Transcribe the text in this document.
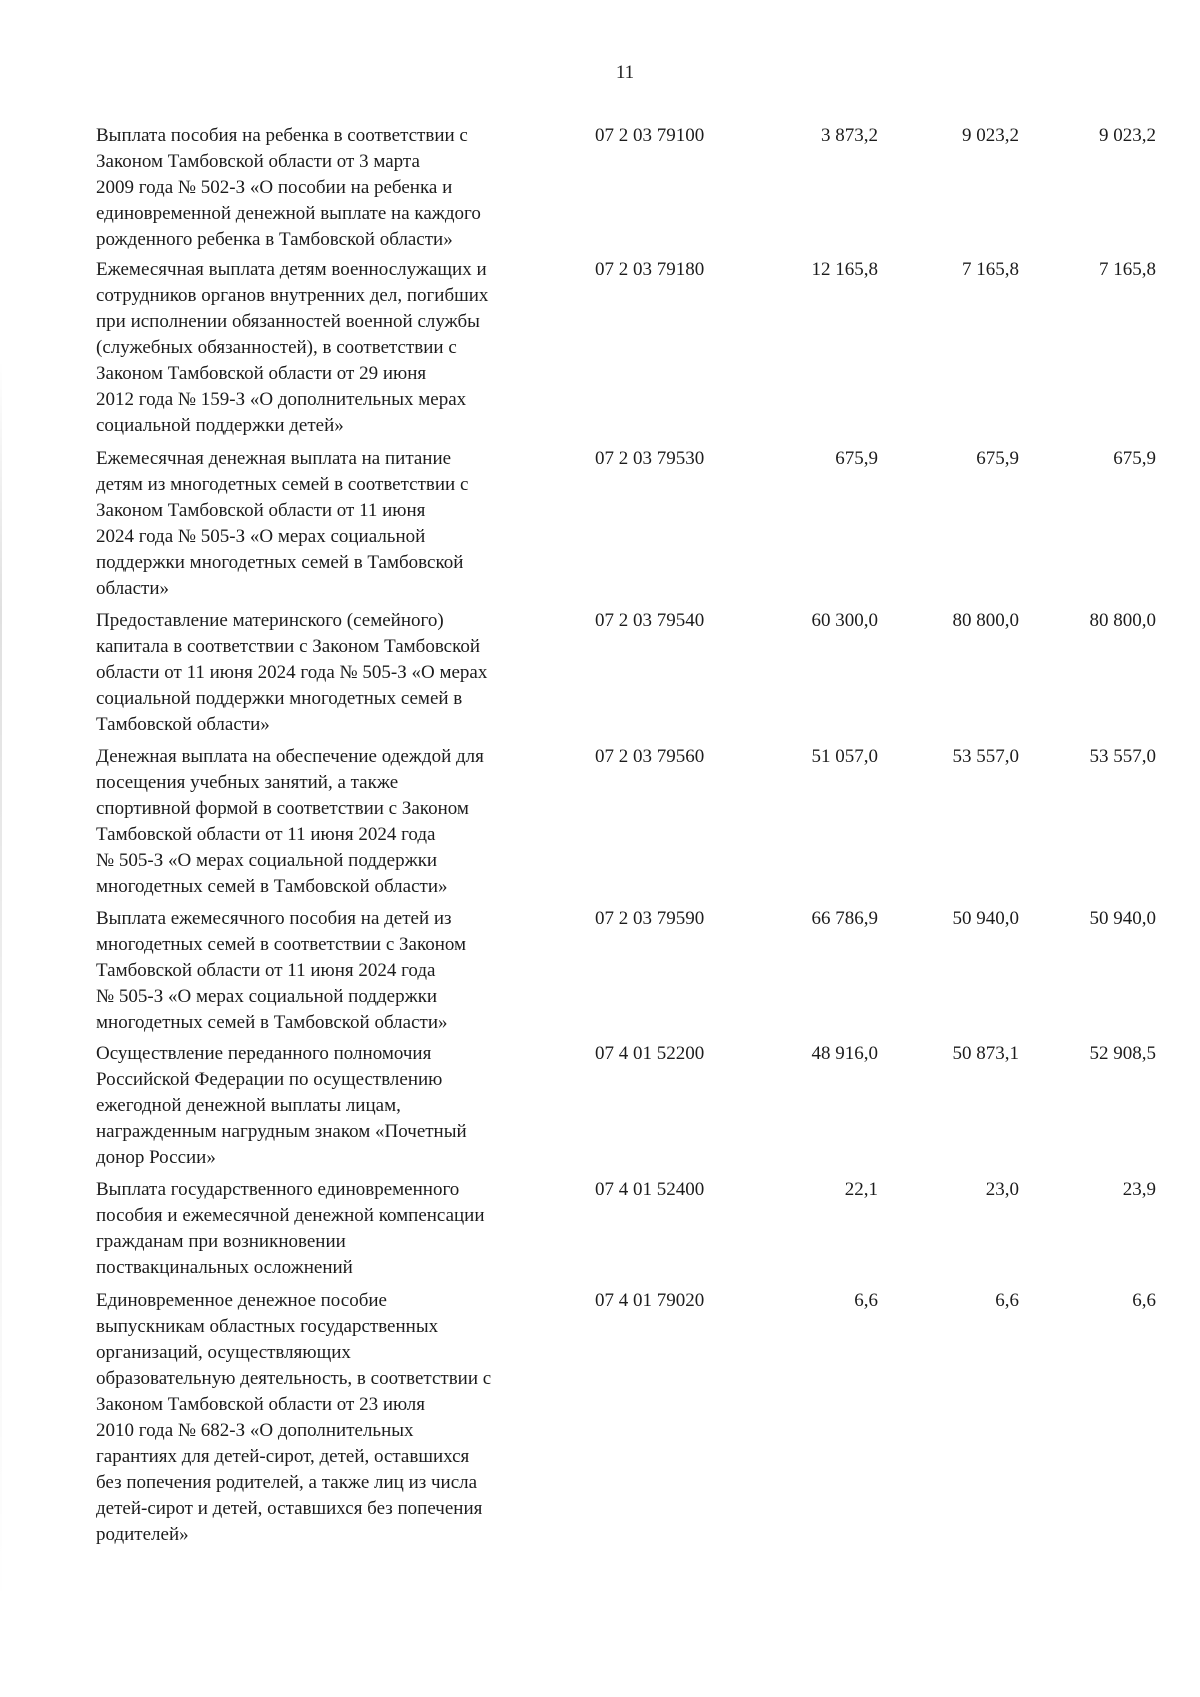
11
Выплата пособия на ребенка в соответствии с
Законом Тамбовской области от 3 марта
2009 года № 502-З «О пособии на ребенка и
единовременной денежной выплате на каждого
рожденного ребенка в Тамбовской области»
07 2 03 79100	3 873,2	9 023,2	9 023,2
Ежемесячная выплата детям военнослужащих и
сотрудников органов внутренних дел, погибших
при исполнении обязанностей военной службы
(служебных обязанностей), в соответствии с
Законом Тамбовской области от 29 июня
2012 года № 159-З «О дополнительных мерах
социальной поддержки детей»
07 2 03 79180	12 165,8	7 165,8	7 165,8
Ежемесячная денежная выплата на питание
детям из многодетных семей в соответствии с
Законом Тамбовской области от 11 июня
2024 года № 505-З «О мерах социальной
поддержки многодетных семей в Тамбовской
области»
07 2 03 79530	675,9	675,9	675,9
Предоставление материнского (семейного)
капитала в соответствии с Законом Тамбовской
области от 11 июня 2024 года № 505-З «О мерах
социальной поддержки многодетных семей в
Тамбовской области»
07 2 03 79540	60 300,0	80 800,0	80 800,0
Денежная выплата на обеспечение одеждой для
посещения учебных занятий, а также
спортивной формой в соответствии с Законом
Тамбовской области от 11 июня 2024 года
№ 505-З «О мерах социальной поддержки
многодетных семей в Тамбовской области»
07 2 03 79560	51 057,0	53 557,0	53 557,0
Выплата ежемесячного пособия на детей из
многодетных семей в соответствии с Законом
Тамбовской области от 11 июня 2024 года
№ 505-З «О мерах социальной поддержки
многодетных семей в Тамбовской области»
07 2 03 79590	66 786,9	50 940,0	50 940,0
Осуществление переданного полномочия
Российской Федерации по осуществлению
ежегодной денежной выплаты лицам,
награжденным нагрудным знаком «Почетный
донор России»
07 4 01 52200	48 916,0	50 873,1	52 908,5
Выплата государственного единовременного
пособия и ежемесячной денежной компенсации
гражданам при возникновении
поствакцинальных осложнений
07 4 01 52400	22,1	23,0	23,9
Единовременное денежное пособие
выпускникам областных государственных
организаций, осуществляющих
образовательную деятельность, в соответствии с
Законом Тамбовской области от 23 июля
2010 года № 682-З «О дополнительных
гарантиях для детей-сирот, детей, оставшихся
без попечения родителей, а также лиц из числа
детей-сирот и детей, оставшихся без попечения
родителей»
07 4 01 79020	6,6	6,6	6,6
